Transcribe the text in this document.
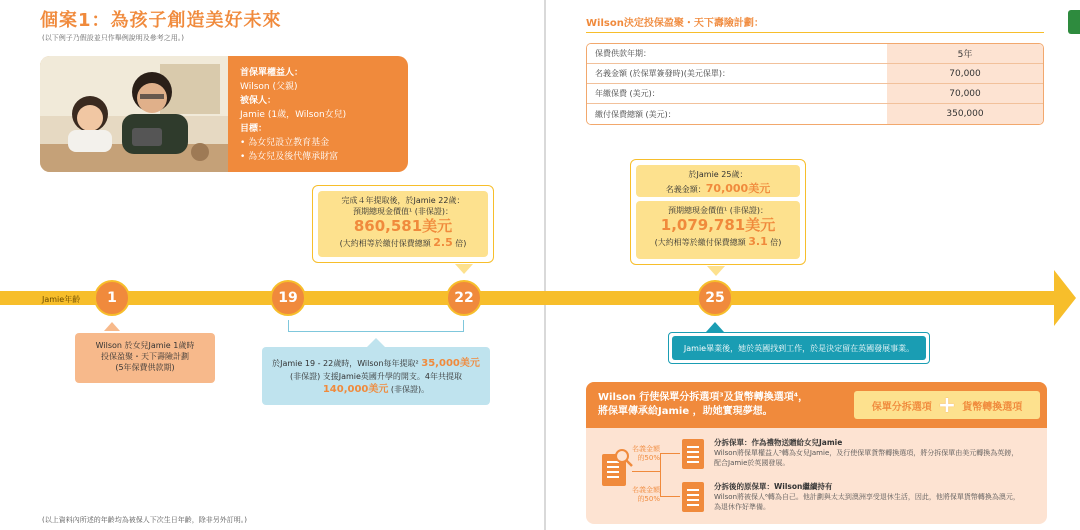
個案1：為孩子創造美好未來
(以下例子乃假設並只作舉例說明及參考之用。)
首保單權益人：
Wilson (父親)
被保人：
Jamie (1歲，Wilson女兒)
目標：
• 為女兒設立教育基金
• 為女兒及後代傳承財富
完成４年提取後，於Jamie 22歲：
預期總現金價值¹ (非保證)：
860,581美元
(大約相等於繳付保費總額 2.5 倍)
Jamie年齡	1	19	22
Wilson 於女兒Jamie 1歲時
投保盈聚・天下壽險計劃
(5年保費供款期)	於Jamie 19 - 22歲時，Wilson每年提取² 35,000美元
(非保證) 支援Jamie英國升學的開支。4年共提取
140,000美元 (非保證)。
(以上資料內所述的年齡均為被保人下次生日年齡，除非另外訂明。)
Wilson決定投保盈聚・天下壽險計劃：
保費供款年期：	5年
名義金額 (於保單簽發時)(美元保單)：	70,000
年繳保費 (美元)：	70,000
繳付保費總額 (美元)：	350,000
於Jamie 25歲：
名義金額：70,000美元
預期總現金價值¹ (非保證)：
1,079,781美元
(大約相等於繳付保費總額 3.1 倍)
25
Jamie畢業後，她於英國找到工作，於是決定留在英國發展事業。
Wilson 行使保單分拆選項³及貨幣轉換選項⁴，
將保單傳承給Jamie ，助她實現夢想。	保單分拆選項 + 貨幣轉換選項
名義金額
的50%
名義金額
的50%
分拆保單：作為禮物送贈給女兒Jamie
Wilson將保單權益人⁵轉為女兒Jamie，及行使保單貨幣轉換選項，將分拆保單由美元轉換為英鎊，
配合Jamie於英國發展。
分拆後的原保單：Wilson繼續持有
Wilson將被保人⁶轉為自己。他計劃與太太到澳洲享受退休生活，因此，他將保單貨幣轉換為澳元，
為退休作好準備。
